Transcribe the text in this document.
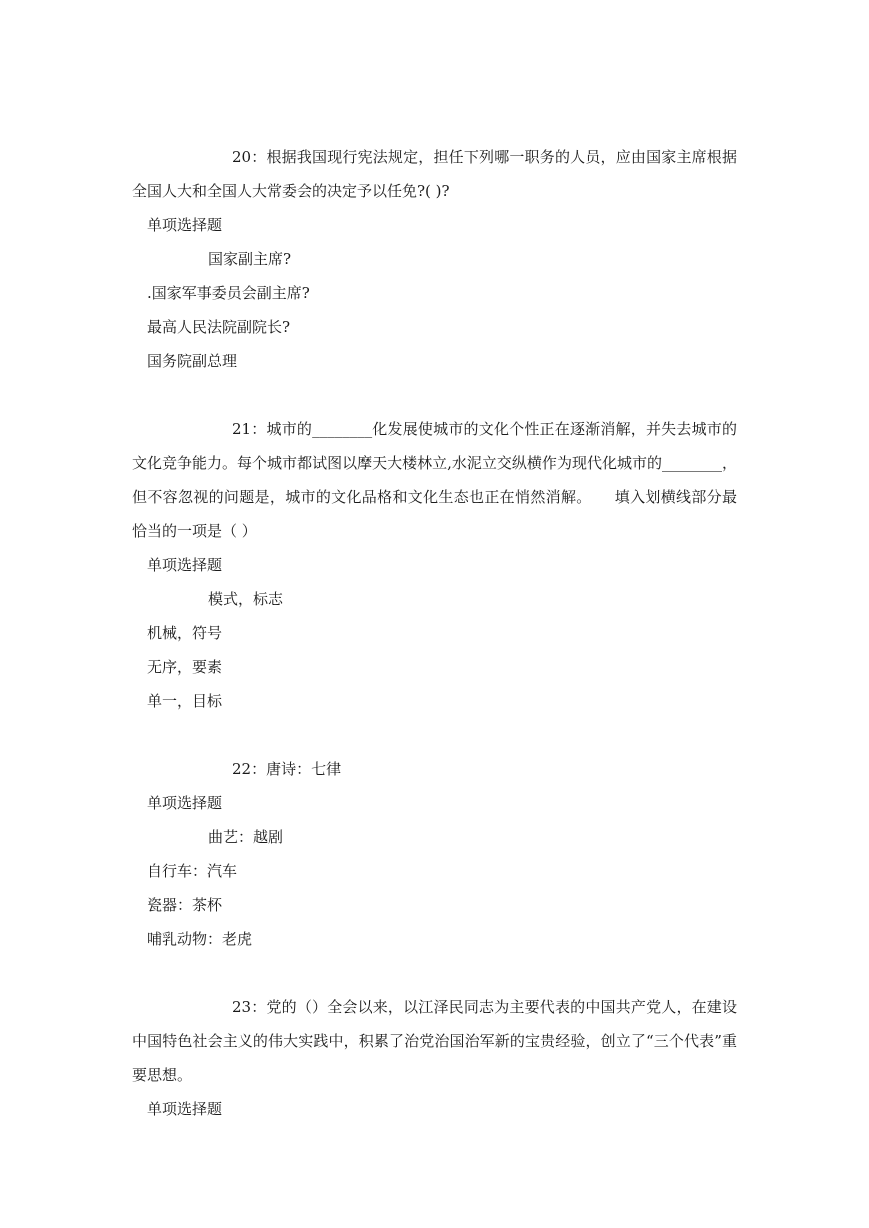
20：根据我国现行宪法规定，担任下列哪一职务的人员，应由国家主席根据全国人大和全国人大常委会的决定予以任免?( )?

单项选择题
国家副主席?
.国家军事委员会副主席?
最高人民法院副院长?
国务院副总理

21：城市的________化发展使城市的文化个性正在逐渐消解，并失去城市的文化竞争能力。每个城市都试图以摩天大楼林立,水泥立交纵横作为现代化城市的________，但不容忽视的问题是，城市的文化品格和文化生态也正在悄然消解。　　填入划横线部分最恰当的一项是（ ）

单项选择题
模式，标志
机械，符号
无序，要素
单一，目标

22：唐诗：七律

单项选择题
曲艺：越剧
自行车：汽车
瓷器：茶杯
哺乳动物：老虎

23：党的（）全会以来，以江泽民同志为主要代表的中国共产党人，在建设中国特色社会主义的伟大实践中，积累了治党治国治军新的宝贵经验，创立了“三个代表”重要思想。

单项选择题
